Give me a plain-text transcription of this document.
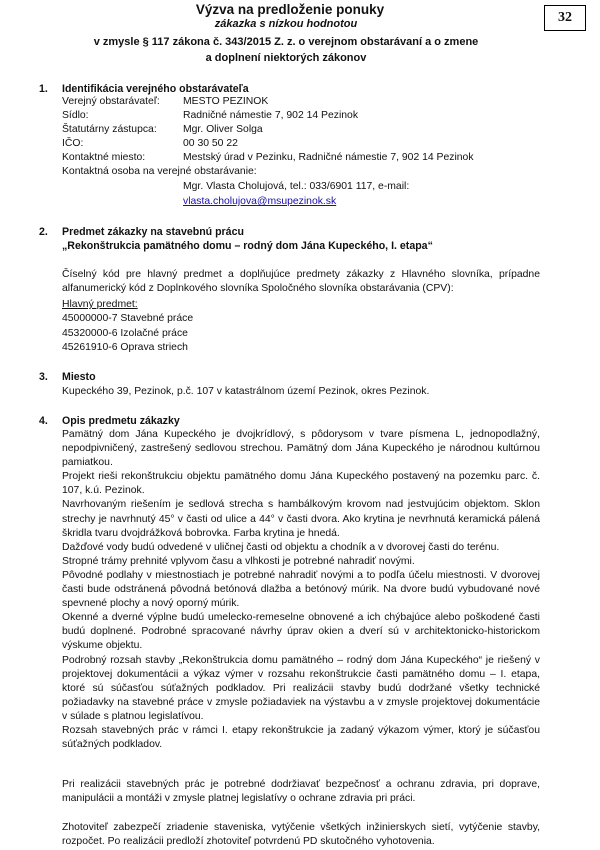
32
Výzva na predloženie ponuky
zákazka s nízkou hodnotou
v zmysle § 117 zákona č. 343/2015 Z. z. o verejnom obstarávaní a o zmene
a doplnení niektorých zákonov
1. Identifikácia verejného obstarávateľa
Verejný obstarávateľ: MESTO PEZINOK
Sídlo:	Radničné námestie 7, 902 14 Pezinok
Štatutárny zástupca:	Mgr. Oliver Solga
IČO:	00 30 50 22
Kontaktné miesto:	Mestský úrad v Pezinku, Radničné námestie 7, 902 14 Pezinok
Kontaktná osoba na verejné obstarávanie:
Mgr. Vlasta Cholujová, tel.: 033/6901 117, e-mail:
vlasta.cholujova@msupezinok.sk
2. Predmet zákazky na stavebnú prácu
„Rekonštrukcia pamätného domu – rodný dom Jána Kupeckého, I. etapa“
Číselný kód pre hlavný predmet a doplňujúce predmety zákazky z Hlavného slovníka, prípadne alfanumerický kód z Doplnkového slovníka Spoločného slovníka obstarávania (CPV):
Hlavný predmet:
45000000-7 Stavebné práce
45320000-6 Izolačné práce
45261910-6 Oprava striech
3. Miesto
Kupeckého 39, Pezinok, p.č. 107 v katastrálnom území Pezinok, okres Pezinok.
4. Opis predmetu zákazky

Pamätný dom Jána Kupeckého je dvojkrídlový, s pôdorysom v tvare písmena L, jednopodlažný, nepodpivničený, zastrešený sedlovou strechou. Pamätný dom Jána Kupeckého je národnou kultúrnou pamiatkou.

Projekt rieši rekonštrukciu objektu pamätného domu Jána Kupeckého postavený na pozemku parc. č. 107, k.ú. Pezinok.

Navrhovaným riešením je sedlová strecha s hambálkovým krovom nad jestvujúcim objektom. Sklon strechy je navrhnutý 45° v časti od ulice a 44° v časti dvora. Ako krytina je nevrhnutá keramická pálená škridla tvaru dvojdrážková bobrovka. Farba krytina je hnedá.

Dažďové vody budú odvedené v uličnej časti od objektu a chodník a v dvorovej časti do terénu.

Stropné trámy prehnité vplyvom času a vlhkosti je potrebné nahradiť novými.

Pôvodné podlahy v miestnostiach je potrebné nahradiť novými a to podľa účelu miestnosti. V dvorovej časti bude odstránená pôvodná betónová dlažba a betónový múrik. Na dvore budú vybudované nové spevnené plochy a nový oporný múrik.

Okenné a dverné výplne budú umelecko-remeselne obnovené a ich chýbajúce alebo poškodené časti budú doplnené. Podrobné spracované návrhy úprav okien a dverí sú v architektonicko-historickom výskume objektu.

Podrobný rozsah stavby „Rekonštrukcia domu pamätného – rodný dom Jána Kupeckého“ je riešený v projektovej dokumentácii a výkaz výmer v rozsahu rekonštrukcie časti pamätného domu – I. etapa, ktoré sú súčasťou súťažných podkladov. Pri realizácii stavby budú dodržané všetky technické požiadavky na stavebné práce v zmysle požiadaviek na výstavbu a v zmysle projektovej dokumentácie v súlade s platnou legislatívou.

Rozsah stavebných prác v rámci I. etapy rekonštrukcie ja zadaný výkazom výmer, ktorý je súčasťou súťažných podkladov.

Pri realizácii stavebných prác je potrebné dodržiavať bezpečnosť a ochranu zdravia, pri doprave, manipulácii a montáži v zmysle platnej legislatívy o ochrane zdravia pri práci.
Zhotoviteľ zabezpečí zriadenie staveniska, vytýčenie všetkých inžinierskych sietí, vytýčenie stavby, rozpočet. Po realizácii predloží zhotoviteľ potvrdenú PD skutočného vyhotovenia.
